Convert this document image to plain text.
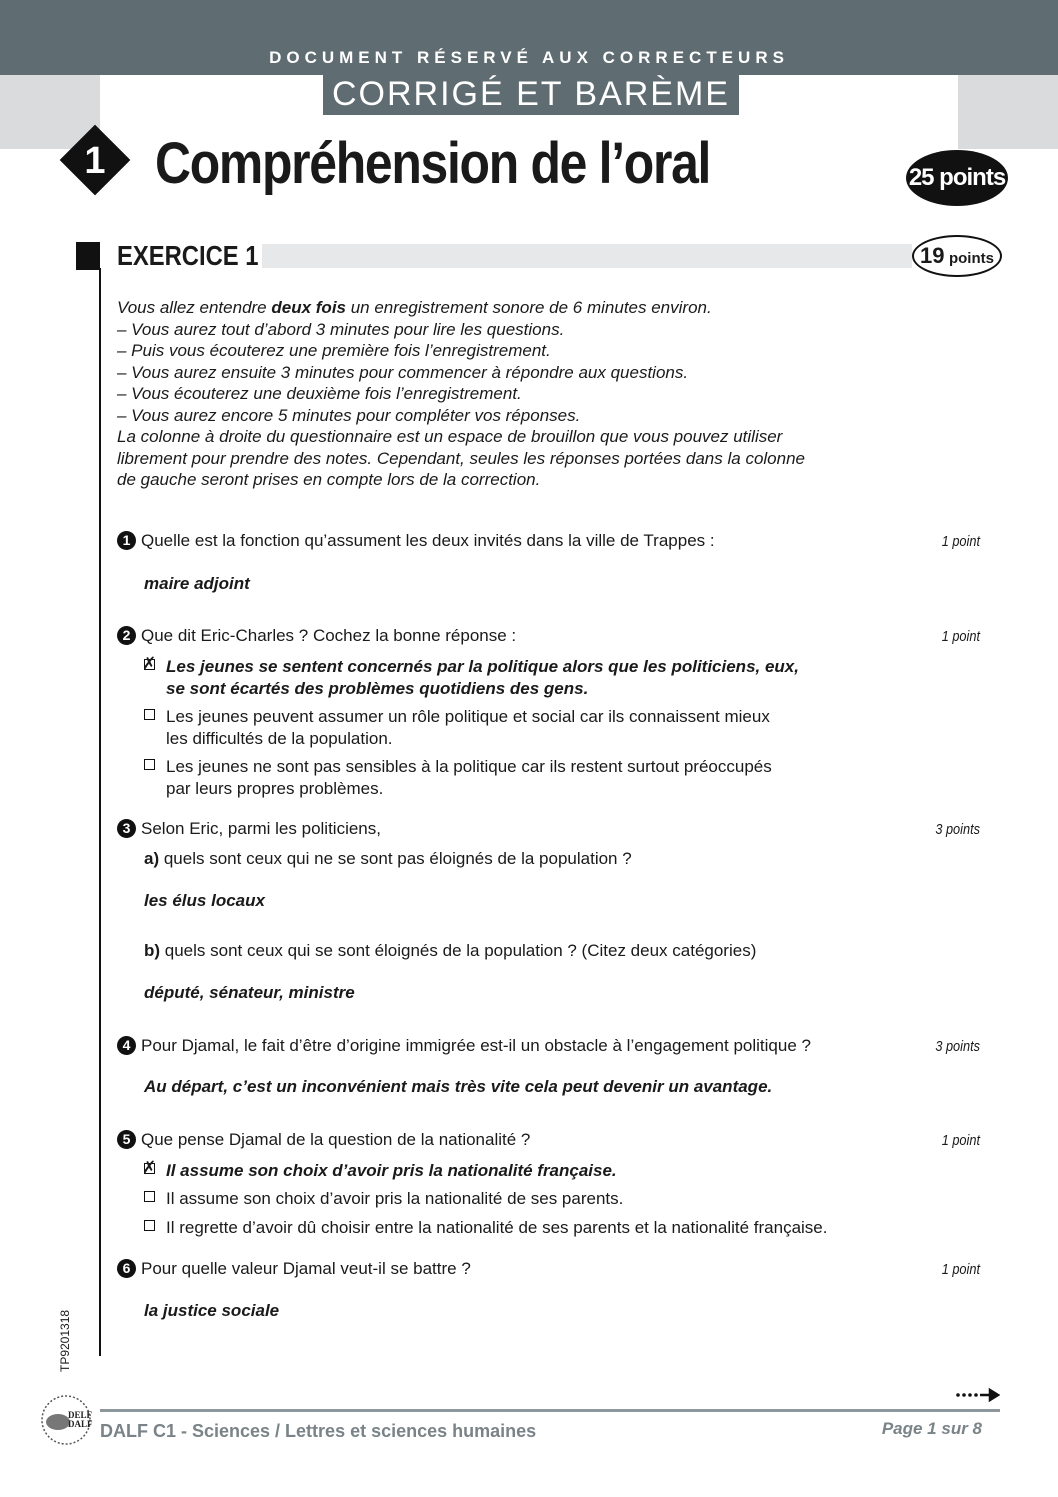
DOCUMENT RÉSERVÉ AUX CORRECTEURS
CORRIGÉ ET BARÈME
1 Compréhension de l’oral	25 points
EXERCICE 1	19 points

Vous allez entendre deux fois un enregistrement sonore de 6 minutes environ.

– Vous aurez tout d’abord 3 minutes pour lire les questions.

– Puis vous écouterez une première fois l’enregistrement.

– Vous aurez ensuite 3 minutes pour commencer à répondre aux questions.

– Vous écouterez une deuxième fois l’enregistrement.

– Vous aurez encore 5 minutes pour compléter vos réponses.

La colonne à droite du questionnaire est un espace de brouillon que vous pouvez utiliser

librement pour prendre des notes. Cependant, seules les réponses portées dans la colonne

de gauche seront prises en compte lors de la correction.

1 Quelle est la fonction qu’assument les deux invités dans la ville de Trappes :	1 point
maire adjoint
2 Que dit Eric-Charles ? Cochez la bonne réponse :	1 point
✗ Les jeunes se sentent concernés par la politique alors que les politiciens, eux,
se sont écartés des problèmes quotidiens des gens.
Les jeunes peuvent assumer un rôle politique et social car ils connaissent mieux
les difficultés de la population.
Les jeunes ne sont pas sensibles à la politique car ils restent surtout préoccupés
par leurs propres problèmes.
3 Selon Eric, parmi les politiciens,	3 points
a) quels sont ceux qui ne se sont pas éloignés de la population ?
les élus locaux
b) quels sont ceux qui se sont éloignés de la population ? (Citez deux catégories)
député, sénateur, ministre
4 Pour Djamal, le fait d’être d’origine immigrée est-il un obstacle à l’engagement politique ?	3 points
Au départ, c’est un inconvénient mais très vite cela peut devenir un avantage.
5 Que pense Djamal de la question de la nationalité ?	1 point
✗ Il assume son choix d’avoir pris la nationalité française.
Il assume son choix d’avoir pris la nationalité de ses parents.
Il regrette d’avoir dû choisir entre la nationalité de ses parents et la nationalité française.
6 Pour quelle valeur Djamal veut-il se battre ?	1 point
la justice sociale
TP9201318
DELF
DALF DALF C1 - Sciences / Lettres et sciences humaines	Page 1 sur 8
